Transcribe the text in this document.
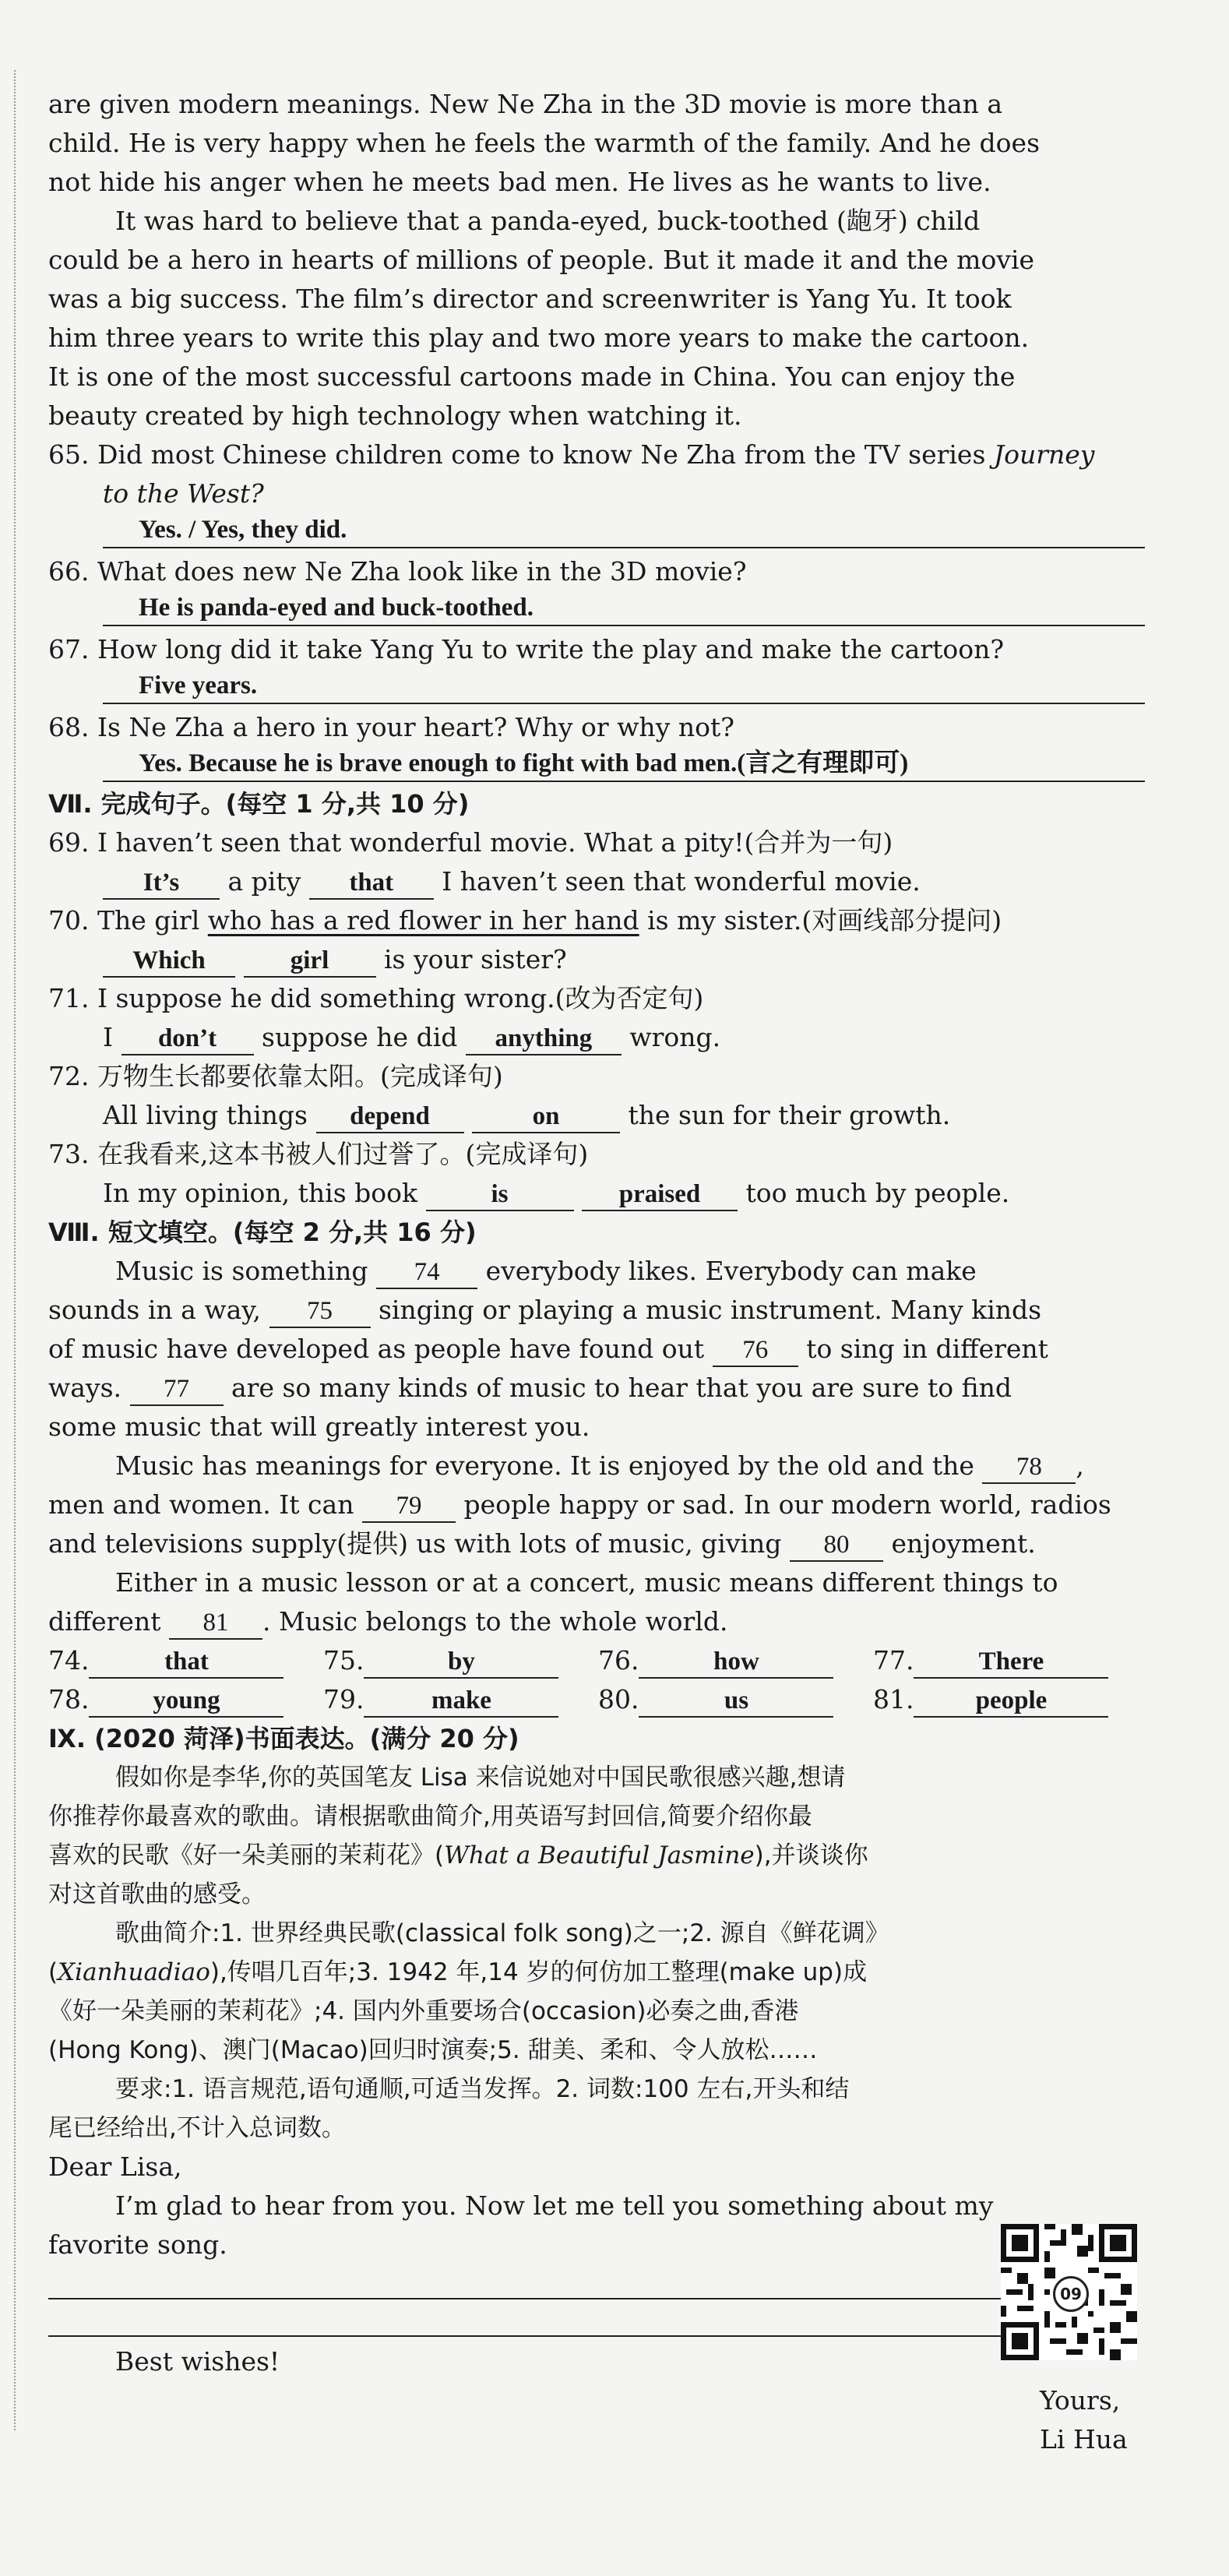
are given modern meanings. New Ne Zha in the 3D movie is more than a
child. He is very happy when he feels the warmth of the family. And he does
not hide his anger when he meets bad men. He lives as he wants to live.
It was hard to believe that a panda-eyed, buck-toothed (龅牙) child
could be a hero in hearts of millions of people. But it made it and the movie
was a big success. The film’s director and screenwriter is Yang Yu. It took
him three years to write this play and two more years to make the cartoon.
It is one of the most successful cartoons made in China. You can enjoy the
beauty created by high technology when watching it.
65. Did most Chinese children come to know Ne Zha from the TV series Journey
to the West?
Yes. / Yes, they did.
66. What does new Ne Zha look like in the 3D movie?
He is panda-eyed and buck-toothed.
67. How long did it take Yang Yu to write the play and make the cartoon?
Five years.
68. Is Ne Zha a hero in your heart? Why or why not?
Yes. Because he is brave enough to fight with bad men.(言之有理即可)
Ⅶ. 完成句子。(每空 1 分,共 10 分)
69. I haven’t seen that wonderful movie. What a pity!(合并为一句)
It’s a pity that I haven’t seen that wonderful movie.
70. The girl who has a red flower in her hand is my sister.(对画线部分提问)
Which	girl is your sister?
71. I suppose he did something wrong.(改为否定句)
I don’t suppose he did anything wrong.
72. 万物生长都要依靠太阳。(完成译句)
All living things depend	on	the sun for their growth.
73. 在我看来,这本书被人们过誉了。(完成译句)
In my opinion, this book	is	praised too much by people.
Ⅷ. 短文填空。(每空 2 分,共 16 分)
Music is something 74 everybody likes. Everybody can make
sounds in a way, 75 singing or playing a music instrument. Many kinds
of music have developed as people have found out 76 to sing in different
ways. 77 are so many kinds of music to hear that you are sure to find
some music that will greatly interest you.
Music has meanings for everyone. It is enjoyed by the old and the 78 ,
men and women. It can 79 people happy or sad. In our modern world, radios
and televisions supply(提供) us with lots of music, giving 80 enjoyment.
Either in a music lesson or at a concert, music means different things to
different 81 . Music belongs to the whole world.
74.	that	75.	by	76.	how	77.	There
78. young	79.	make	80.	us	81. people
Ⅸ. (2020 菏泽)书面表达。(满分 20 分)
假如你是李华,你的英国笔友 Lisa 来信说她对中国民歌很感兴趣,想请
你推荐你最喜欢的歌曲。请根据歌曲简介,用英语写封回信,简要介绍你最
喜欢的民歌《好一朵美丽的茉莉花》(What a Beautiful Jasmine),并谈谈你
对这首歌曲的感受。
歌曲简介:1. 世界经典民歌(classical folk song)之一;2. 源自《鲜花调》
(Xianhuadiao),传唱几百年;3. 1942 年,14 岁的何仿加工整理(make up)成
《好一朵美丽的茉莉花》;4. 国内外重要场合(occasion)必奏之曲,香港
(Hong Kong)、澳门(Macao)回归时演奏;5. 甜美、柔和、令人放松……
要求:1. 语言规范,语句通顺,可适当发挥。2. 词数:100 左右,开头和结
尾已经给出,不计入总词数。
Dear Lisa,
I’m glad to hear from you. Now let me tell you something about my
favorite song.
Best wishes!
Yours,
Li Hua
09
